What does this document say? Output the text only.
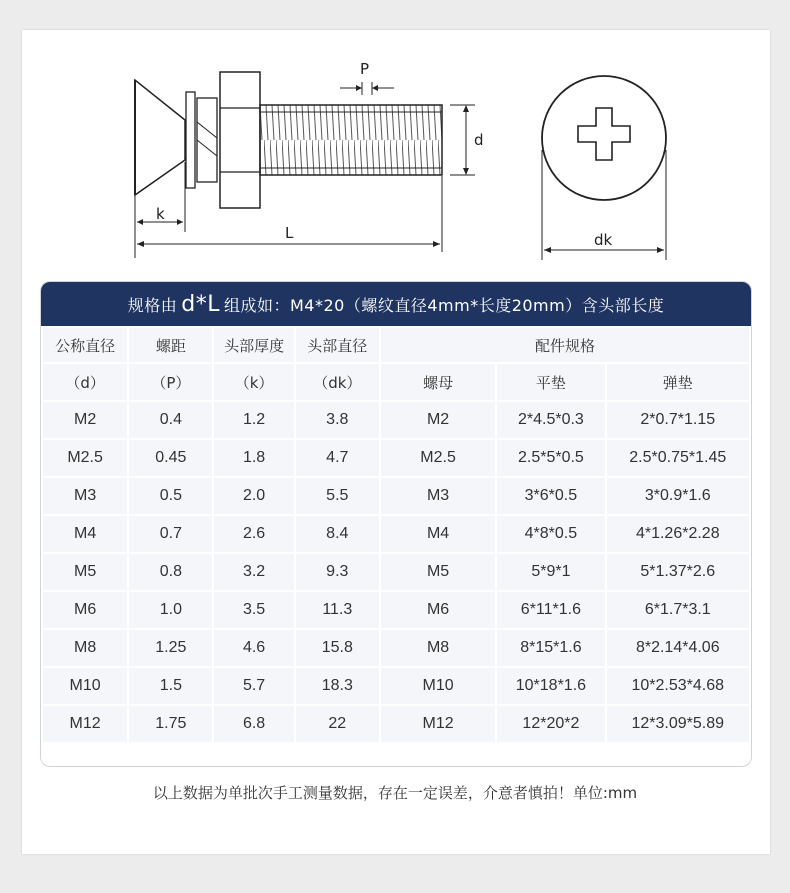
P
d
k
L	dk
规格由 d*L 组成如：M4*20（螺纹直径4mm*长度20mm）含头部长度
公称直径	螺距	头部厚度	头部直径	配件规格		
（d）	（P）	（k）	（dk）	螺母	平垫	弹垫
M2	0.4	1.2	3.8	M2	2*4.5*0.3	2*0.7*1.15
M2.5	0.45	1.8	4.7	M2.5	2.5*5*0.5	2.5*0.75*1.45
M3	0.5	2.0	5.5	M3	3*6*0.5	3*0.9*1.6
M4	0.7	2.6	8.4	M4	4*8*0.5	4*1.26*2.28
M5	0.8	3.2	9.3	M5	5*9*1	5*1.37*2.6
M6	1.0	3.5	11.3	M6	6*11*1.6	6*1.7*3.1
M8	1.25	4.6	15.8	M8	8*15*1.6	8*2.14*4.06
M10	1.5	5.7	18.3	M10	10*18*1.6	10*2.53*4.68
M12	1.75	6.8	22	M12	12*20*2	12*3.09*5.89
以上数据为单批次手工测量数据，存在一定误差，介意者慎拍！单位:mm
